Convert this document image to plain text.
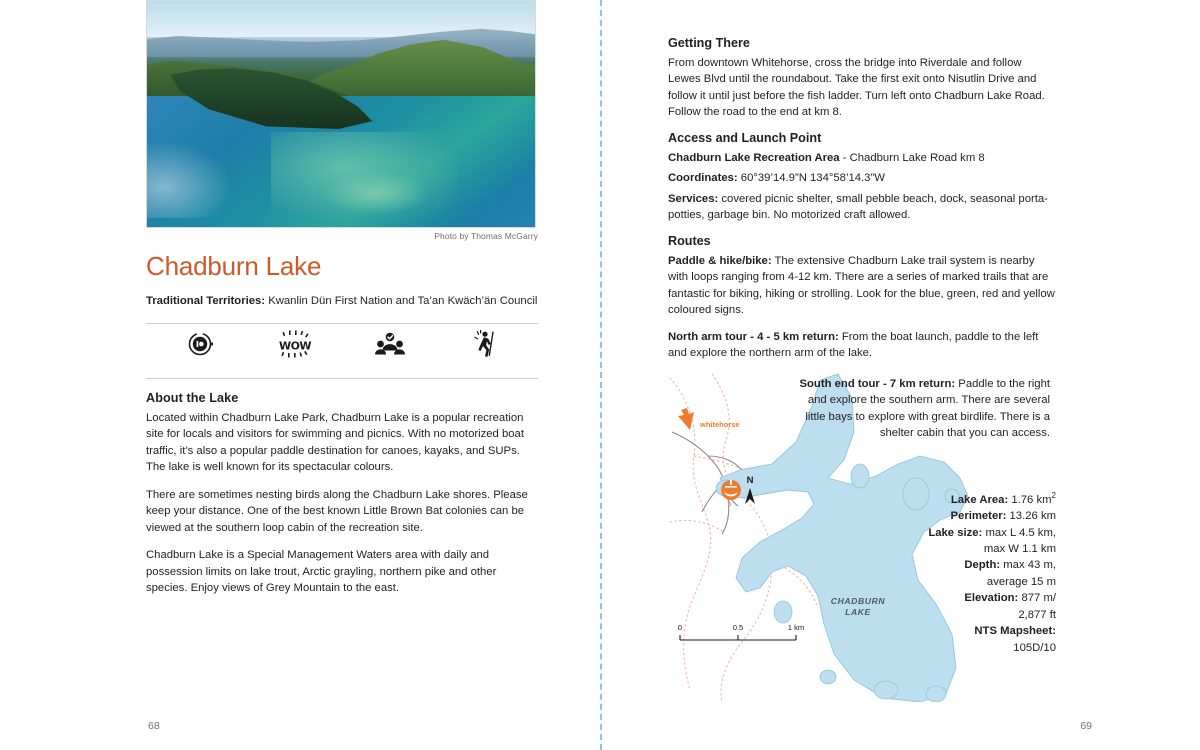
Photo by Thomas McGarry
Chadburn Lake
Traditional Territories: Kwanlin Dün First Nation and Ta’an Kwäch’än Council
WOW
About the Lake
Located within Chadburn Lake Park, Chadburn Lake is a popular recreation site for locals and visitors for swimming and picnics. With no motorized boat traffic, it’s also a popular paddle destination for canoes, kayaks, and SUPs. The lake is well known for its spectacular colours.
There are sometimes nesting birds along the Chadburn Lake shores. Please keep your distance. One of the best known Little Brown Bat colonies can be viewed at the southern loop cabin of the recreation site.
Chadburn Lake is a Special Management Waters area with daily and possession limits on lake trout, Arctic grayling, northern pike and other species. Enjoy views of Grey Mountain to the east.
68
Getting There
From downtown Whitehorse, cross the bridge into Riverdale and follow Lewes Blvd until the roundabout. Take the first exit onto Nisutlin Drive and follow it until just before the fish ladder. Turn left onto Chadburn Lake Road. Follow the road to the end at km 8.
Access and Launch Point
Chadburn Lake Recreation Area - Chadburn Lake Road km 8
Coordinates: 60°39’14.9”N 134°58’14.3”W
Services: covered picnic shelter, small pebble beach, dock, seasonal porta-potties, garbage bin. No motorized craft allowed.
Routes
Paddle & hike/bike: The extensive Chadburn Lake trail system is nearby with loops ranging from 4-12 km. There are a series of marked trails that are fantastic for biking, hiking or strolling. Look for the blue, green, red and yellow coloured signs.
North arm tour - 4 - 5 km return: From the boat launch, paddle to the left and explore the northern arm of the lake.
whitehorse
N
CHADBURN
LAKE
0	0.5	1 km
South end tour - 7 km return: Paddle to the right and explore the southern arm. There are several little bays to explore with great birdlife. There is a shelter cabin that you can access.
Lake Area: 1.76 $km^2$
Perimeter: 13.26 km
Lake size: max L 4.5 km,
max W 1.1 km
Depth: max 43 m,
average 15 m
Elevation: 877 m/
2,877 ft
NTS Mapsheet:
105D/10
69
